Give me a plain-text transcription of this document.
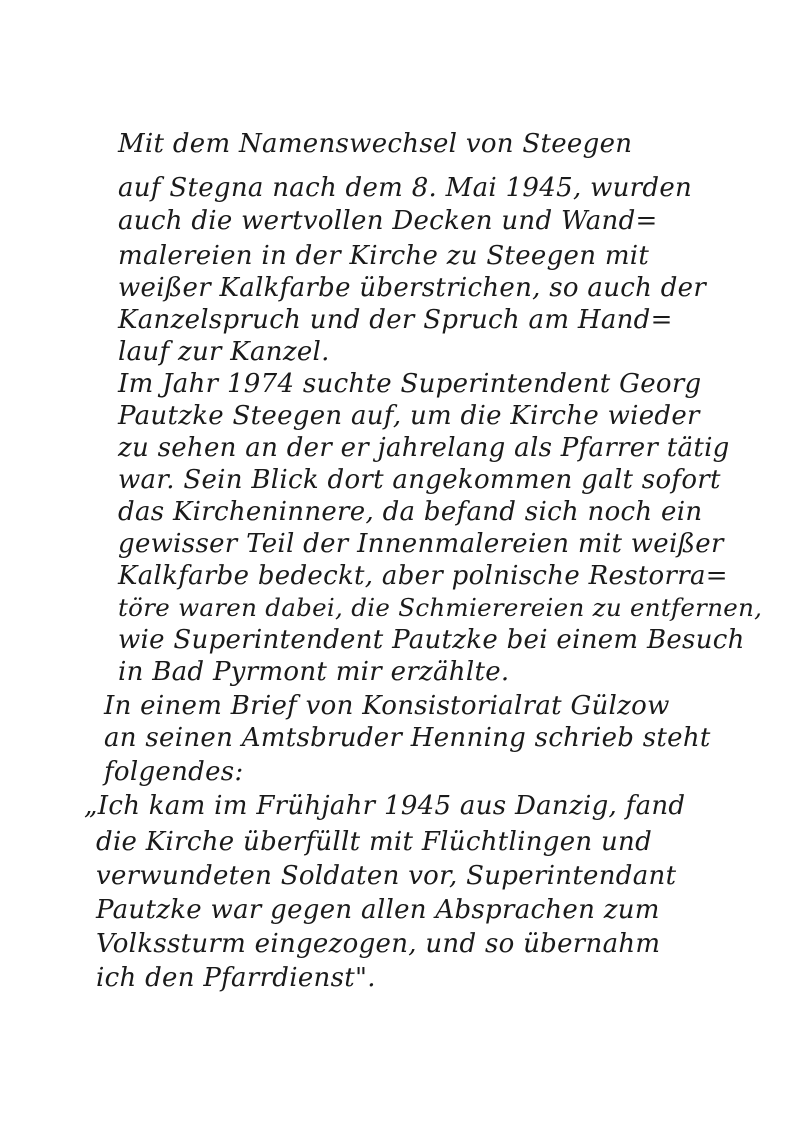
Mit dem Namenswechsel von Steegen
auf Stegna nach dem 8. Mai 1945, wurden
auch die wertvollen Decken und Wand=
malereien in der Kirche zu Steegen mit
weißer Kalkfarbe überstrichen, so auch der
Kanzelspruch und der Spruch am Hand=
lauf zur Kanzel.
Im Jahr 1974 suchte Superintendent Georg
Pautzke Steegen auf, um die Kirche wieder
zu sehen an der er jahrelang als Pfarrer tätig
war. Sein Blick dort angekommen galt sofort
das Kircheninnere, da befand sich noch ein
gewisser Teil der Innenmalereien mit weißer
Kalkfarbe bedeckt, aber polnische Restorra=
töre waren dabei, die Schmierereien zu entfernen,
wie Superintendent Pautzke bei einem Besuch
in Bad Pyrmont mir erzählte.
In einem Brief von Konsistorialrat Gülzow
an seinen Amtsbruder Henning schrieb steht
folgendes:
„Ich kam im Frühjahr 1945 aus Danzig, fand
die Kirche überfüllt mit Flüchtlingen und
verwundeten Soldaten vor, Superintendant
Pautzke war gegen allen Absprachen zum
Volkssturm eingezogen, und so übernahm
ich den Pfarrdienst".
